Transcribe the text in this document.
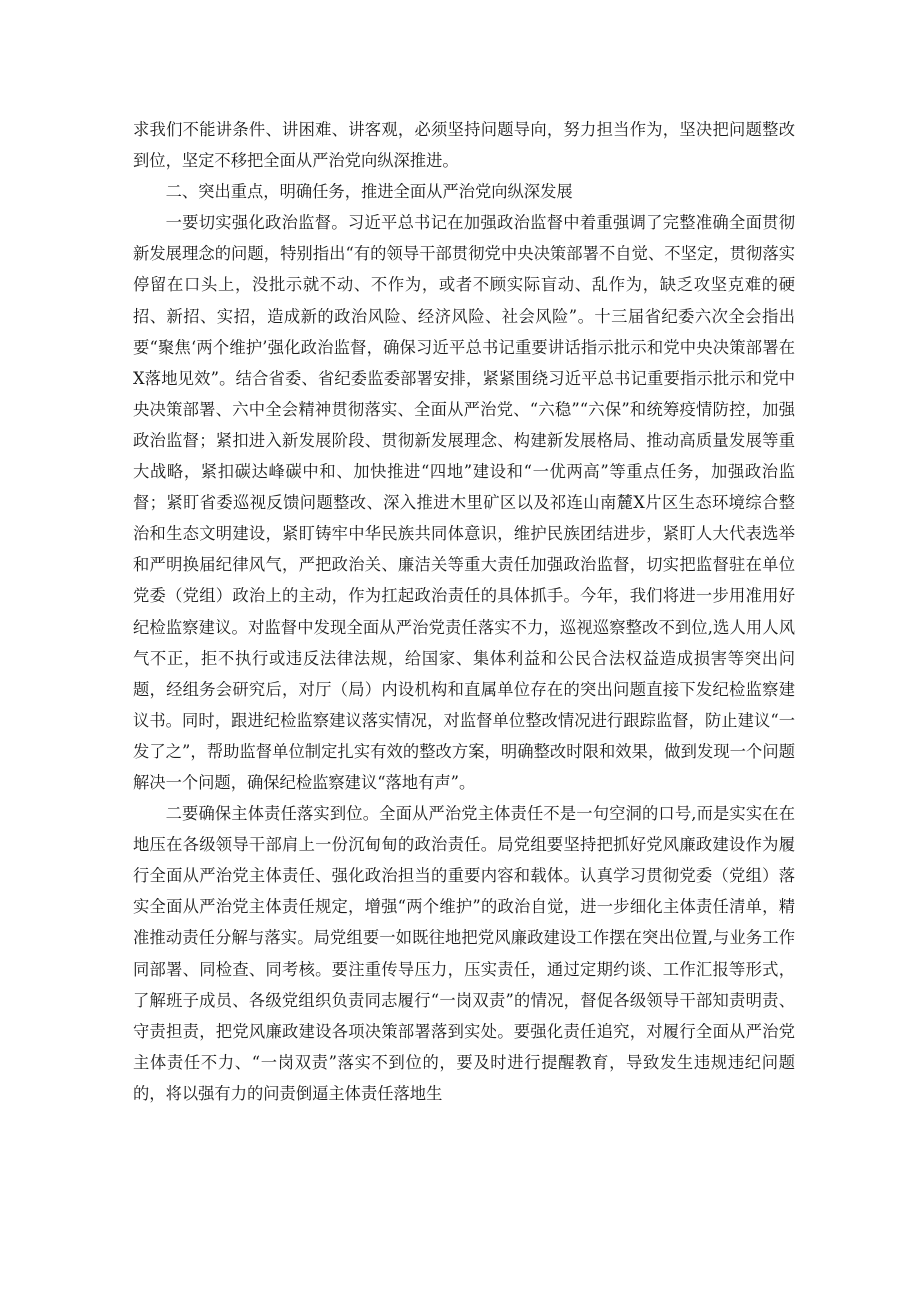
求我们不能讲条件、讲困难、讲客观，必须坚持问题导向，努力担当作为，坚决把问题整改到位，坚定不移把全面从严治党向纵深推进。

二、突出重点，明确任务，推进全面从严治党向纵深发展

一要切实强化政治监督。习近平总书记在加强政治监督中着重强调了完整准确全面贯彻新发展理念的问题，特别指出“有的领导干部贯彻党中央决策部署不自觉、不坚定，贯彻落实停留在口头上，没批示就不动、不作为，或者不顾实际盲动、乱作为，缺乏攻坚克难的硬招、新招、实招，造成新的政治风险、经济风险、社会风险”。十三届省纪委六次全会指出要“聚焦‘两个维护’强化政治监督，确保习近平总书记重要讲话指示批示和党中央决策部署在X落地见效”。结合省委、省纪委监委部署安排，紧紧围绕习近平总书记重要指示批示和党中央决策部署、六中全会精神贯彻落实、全面从严治党、“六稳”“六保”和统筹疫情防控，加强政治监督；紧扣进入新发展阶段、贯彻新发展理念、构建新发展格局、推动高质量发展等重大战略，紧扣碳达峰碳中和、加快推进“四地”建设和“一优两高”等重点任务，加强政治监督；紧盯省委巡视反馈问题整改、深入推进木里矿区以及祁连山南麓X片区生态环境综合整治和生态文明建设，紧盯铸牢中华民族共同体意识，维护民族团结进步，紧盯人大代表选举和严明换届纪律风气，严把政治关、廉洁关等重大责任加强政治监督，切实把监督驻在单位党委（党组）政治上的主动，作为扛起政治责任的具体抓手。今年，我们将进一步用准用好纪检监察建议。对监督中发现全面从严治党责任落实不力，巡视巡察整改不到位,选人用人风气不正，拒不执行或违反法律法规，给国家、集体利益和公民合法权益造成损害等突出问题，经组务会研究后，对厅（局）内设机构和直属单位存在的突出问题直接下发纪检监察建议书。同时，跟进纪检监察建议落实情况，对监督单位整改情况进行跟踪监督，防止建议“一发了之”，帮助监督单位制定扎实有效的整改方案，明确整改时限和效果，做到发现一个问题解决一个问题，确保纪检监察建议“落地有声”。

二要确保主体责任落实到位。全面从严治党主体责任不是一句空洞的口号,而是实实在在地压在各级领导干部肩上一份沉甸甸的政治责任。局党组要坚持把抓好党风廉政建设作为履行全面从严治党主体责任、强化政治担当的重要内容和载体。认真学习贯彻党委（党组）落实全面从严治党主体责任规定，增强“两个维护”的政治自觉，进一步细化主体责任清单，精准推动责任分解与落实。局党组要一如既往地把党风廉政建设工作摆在突出位置,与业务工作同部署、同检查、同考核。要注重传导压力，压实责任，通过定期约谈、工作汇报等形式，了解班子成员、各级党组织负责同志履行“一岗双责”的情况，督促各级领导干部知责明责、守责担责，把党风廉政建设各项决策部署落到实处。要强化责任追究，对履行全面从严治党主体责任不力、“一岗双责”落实不到位的，要及时进行提醒教育，导致发生违规违纪问题的，将以强有力的问责倒逼主体责任落地生
